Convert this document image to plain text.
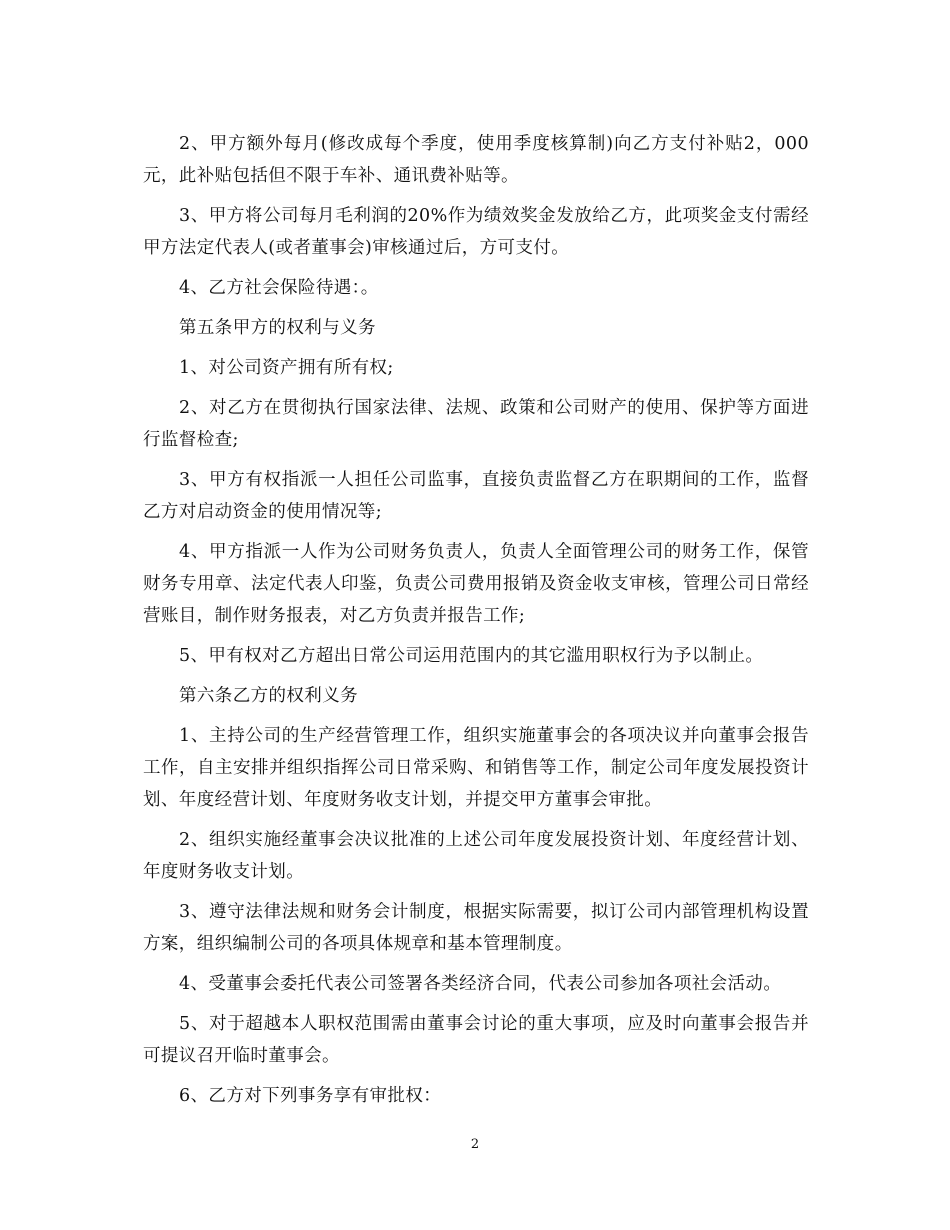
2、甲方额外每月(修改成每个季度，使用季度核算制)向乙方支付补贴2，000元，此补贴包括但不限于车补、通讯费补贴等。

3、甲方将公司每月毛利润的20%作为绩效奖金发放给乙方，此项奖金支付需经甲方法定代表人(或者董事会)审核通过后，方可支付。

4、乙方社会保险待遇：。

第五条甲方的权利与义务

1、对公司资产拥有所有权;

2、对乙方在贯彻执行国家法律、法规、政策和公司财产的使用、保护等方面进行监督检查;

3、甲方有权指派一人担任公司监事，直接负责监督乙方在职期间的工作，监督乙方对启动资金的使用情况等;

4、甲方指派一人作为公司财务负责人，负责人全面管理公司的财务工作，保管财务专用章、法定代表人印鉴，负责公司费用报销及资金收支审核，管理公司日常经营账目，制作财务报表，对乙方负责并报告工作;

5、甲有权对乙方超出日常公司运用范围内的其它滥用职权行为予以制止。

第六条乙方的权利义务

1、主持公司的生产经营管理工作，组织实施董事会的各项决议并向董事会报告工作，自主安排并组织指挥公司日常采购、和销售等工作，制定公司年度发展投资计划、年度经营计划、年度财务收支计划，并提交甲方董事会审批。

2、组织实施经董事会决议批准的上述公司年度发展投资计划、年度经营计划、年度财务收支计划。

3、遵守法律法规和财务会计制度，根据实际需要，拟订公司内部管理机构设置方案，组织编制公司的各项具体规章和基本管理制度。

4、受董事会委托代表公司签署各类经济合同，代表公司参加各项社会活动。

5、对于超越本人职权范围需由董事会讨论的重大事项，应及时向董事会报告并可提议召开临时董事会。

6、乙方对下列事务享有审批权：

2
